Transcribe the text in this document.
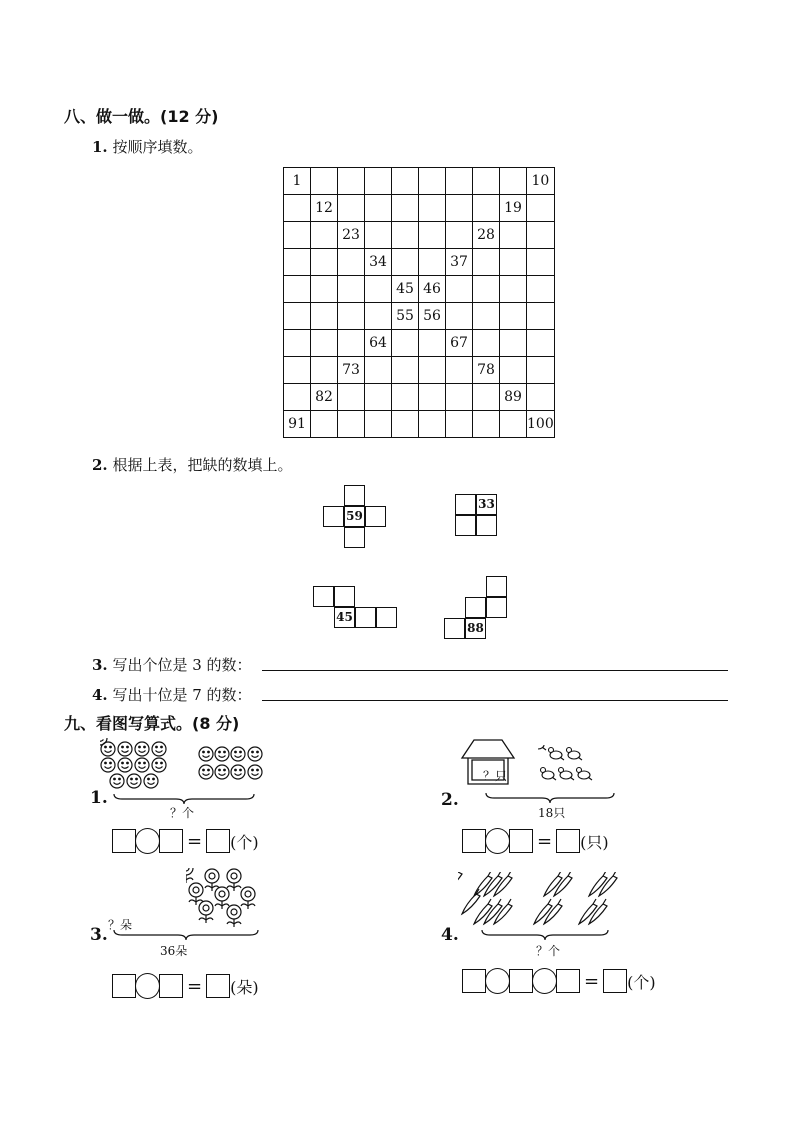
八、做一做。(12 分)
1. 按顺序填数。
1									10
	12							19	
		23					28		
			34			37			
				45	46				
				55	56				
			64			67			
		73					78		
	82							89	
91									100
2. 根据上表，把缺的数填上。
59
33
45
88
3. 写出个位是 3 的数：
4. 写出十位是 7 的数：
九、看图写算式。(8 分)
1.
？个
= (个)
2.
？只
18只
= (只)
3. ？朵
36朵
= (朵)
4.
？个
= (个)
